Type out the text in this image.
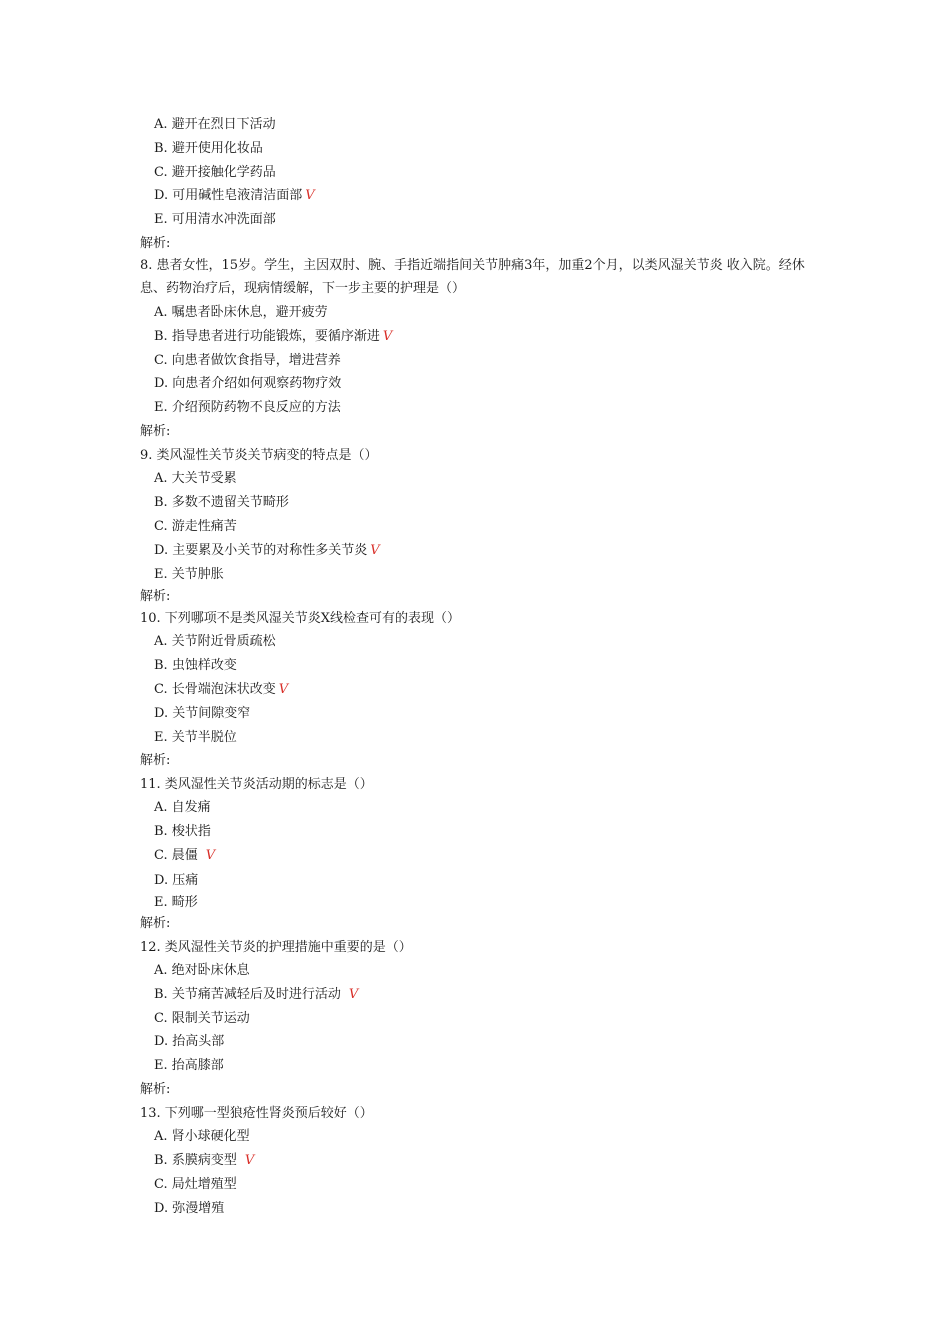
A. 避开在烈日下活动
B. 避开使用化妆品
C. 避开接触化学药品
D. 可用碱性皂液清洁面部 V
E. 可用清水冲洗面部
解析:
8. 患者女性，15岁。学生，主因双肘、腕、手指近端指间关节肿痛3年，加重2个月，以类风湿关节炎 收入院。经休息、药物治疗后，现病情缓解，下一步主要的护理是（）
A. 嘱患者卧床休息，避开疲劳
B. 指导患者进行功能锻炼，要循序渐进 V
C. 向患者做饮食指导，增进营养
D. 向患者介绍如何观察药物疗效
E. 介绍预防药物不良反应的方法
解析:
9. 类风湿性关节炎关节病变的特点是（）
A. 大关节受累
B. 多数不遗留关节畸形
C. 游走性痛苦
D. 主要累及小关节的对称性多关节炎 V
E. 关节肿胀
解析:
10. 下列哪项不是类风湿关节炎X线检查可有的表现（）
A. 关节附近骨质疏松
B. 虫蚀样改变
C. 长骨端泡沫状改变 V
D. 关节间隙变窄
E. 关节半脱位
解析:
11. 类风湿性关节炎活动期的标志是（）
A. 自发痛
B. 梭状指
C. 晨僵 V
D. 压痛
E. 畸形
解析:
12. 类风湿性关节炎的护理措施中重要的是（）
A. 绝对卧床休息
B. 关节痛苦减轻后及时进行活动 V
C. 限制关节运动
D. 抬高头部
E. 抬高膝部
解析:
13. 下列哪一型狼疮性肾炎预后较好（）
A. 肾小球硬化型
B. 系膜病变型 V
C. 局灶增殖型
D. 弥漫增殖
